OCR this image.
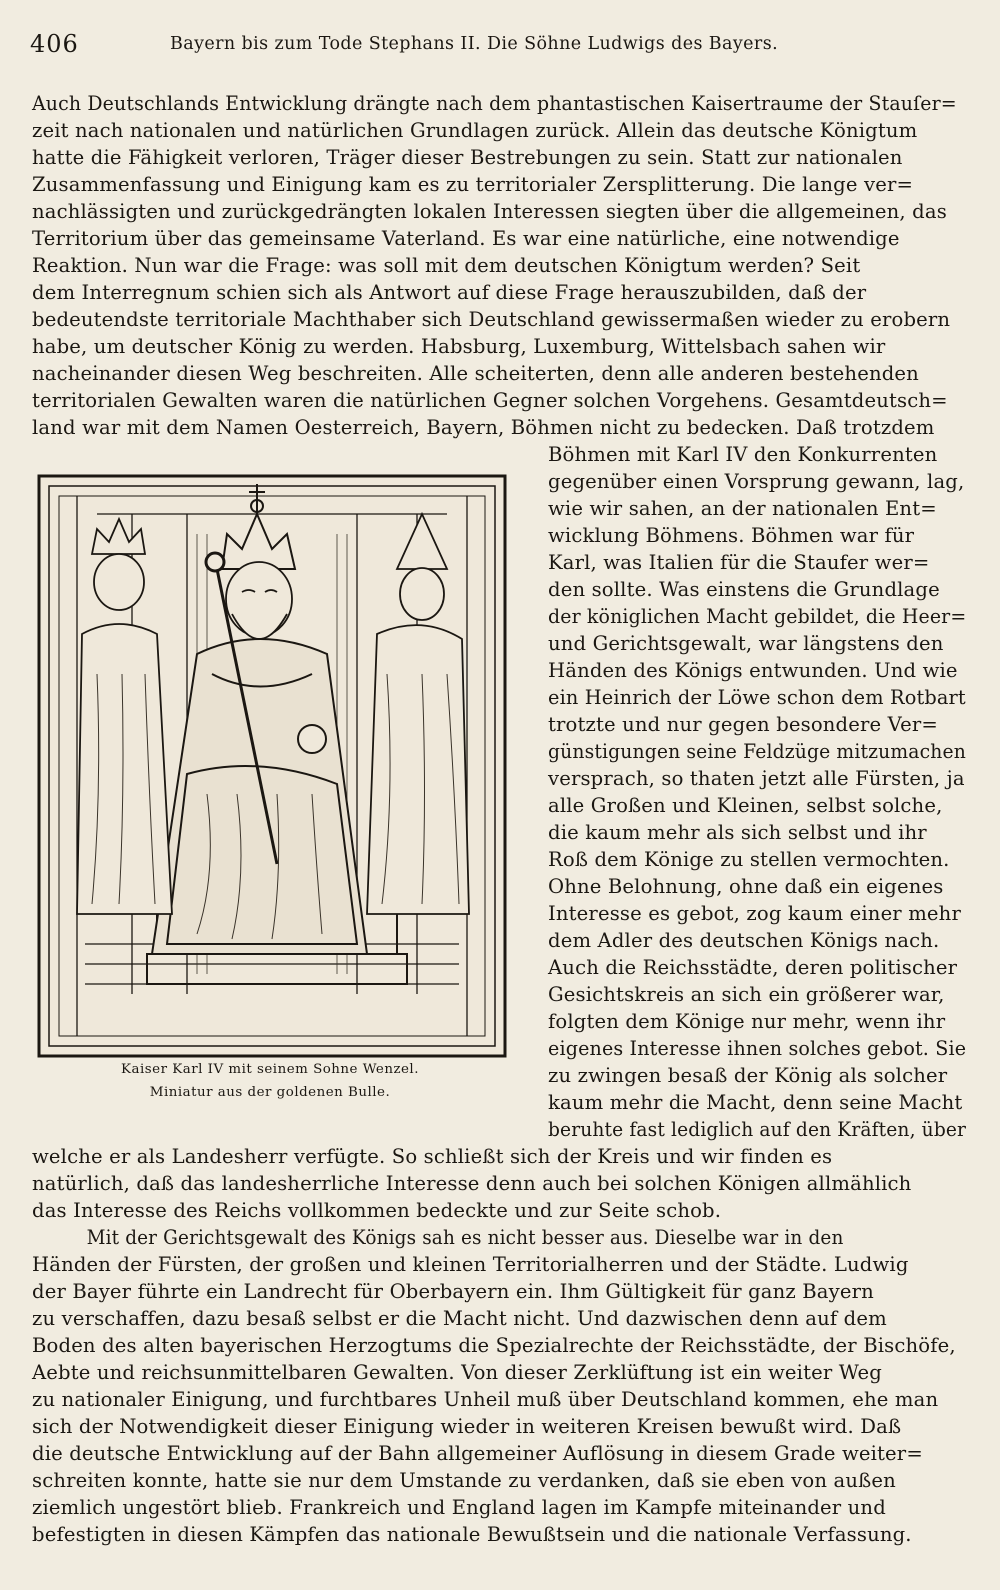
406	Bayern bis zum Tode Stephans II. Die Söhne Ludwigs des Bayers.
Auch Deutschlands Entwicklung drängte nach dem phantastischen Kaisertraume der Stauſer=
zeit nach nationalen und natürlichen Grundlagen zurück. Allein das deutsche Königtum
hatte die Fähigkeit verloren, Träger dieser Bestrebungen zu sein. Statt zur nationalen
Zusammenfassung und Einigung kam es zu territorialer Zersplitterung. Die lange ver=
nachlässigten und zurückgedrängten lokalen Interessen siegten über die allgemeinen, das
Territorium über das gemeinsame Vaterland. Es war eine natürliche, eine notwendige
Reaktion. Nun war die Frage: was soll mit dem deutschen Königtum werden? Seit
dem Interregnum schien sich als Antwort auf diese Frage herauszubilden, daß der
bedeutendste territoriale Machthaber sich Deutschland gewissermaßen wieder zu erobern
habe, um deutscher König zu werden. Habsburg, Luxemburg, Wittelsbach sahen wir
nacheinander diesen Weg beschreiten. Alle scheiterten, denn alle anderen bestehenden
territorialen Gewalten waren die natürlichen Gegner solchen Vorgehens. Gesamtdeutsch=
land war mit dem Namen Oesterreich, Bayern, Böhmen nicht zu bedecken. Daß trotzdem
Böhmen mit Karl IV den Konkurrenten
gegenüber einen Vorsprung gewann, lag,
wie wir sahen, an der nationalen Ent=
wicklung Böhmens. Böhmen war für
Karl, was Italien für die Staufer wer=
den sollte. Was einstens die Grundlage
der königlichen Macht gebildet, die Heer=
und Gerichtsgewalt, war längstens den
Händen des Königs entwunden. Und wie
ein Heinrich der Löwe schon dem Rotbart
trotzte und nur gegen besondere Ver=
günstigungen seine Feldzüge mitzumachen
versprach, so thaten jetzt alle Fürsten, ja
alle Großen und Kleinen, selbst solche,
die kaum mehr als sich selbst und ihr
Roß dem Könige zu stellen vermochten.
Ohne Belohnung, ohne daß ein eigenes
Interesse es gebot, zog kaum einer mehr
dem Adler des deutschen Königs nach.
Auch die Reichsstädte, deren politischer
Gesichtskreis an sich ein größerer war,
folgten dem Könige nur mehr, wenn ihr
eigenes Interesse ihnen solches gebot. Sie
zu zwingen besaß der König als solcher
kaum mehr die Macht, denn seine Macht
beruhte fast lediglich auf den Kräften, über
welche er als Landesherr verfügte. So schließt sich der Kreis und wir finden es
natürlich, daß das landesherrliche Interesse denn auch bei solchen Königen allmählich
das Interesse des Reichs vollkommen bedeckte und zur Seite schob.
Mit der Gerichtsgewalt des Königs sah es nicht besser aus. Dieselbe war in den
Händen der Fürsten, der großen und kleinen Territorialherren und der Städte. Ludwig
der Bayer führte ein Landrecht für Oberbayern ein. Ihm Gültigkeit für ganz Bayern
zu verschaffen, dazu besaß selbst er die Macht nicht. Und dazwischen denn auf dem
Boden des alten bayerischen Herzogtums die Spezialrechte der Reichsstädte, der Bischöfe,
Aebte und reichsunmittelbaren Gewalten. Von dieser Zerklüftung ist ein weiter Weg
zu nationaler Einigung, und furchtbares Unheil muß über Deutschland kommen, ehe man
sich der Notwendigkeit dieser Einigung wieder in weiteren Kreisen bewußt wird. Daß
die deutsche Entwicklung auf der Bahn allgemeiner Auflösung in diesem Grade weiter=
schreiten konnte, hatte sie nur dem Umstande zu verdanken, daß sie eben von außen
ziemlich ungestört blieb. Frankreich und England lagen im Kampfe miteinander und
befestigten in diesen Kämpfen das nationale Bewußtsein und die nationale Verfassung.
Kaiser Karl IV mit seinem Sohne Wenzel.
Miniatur aus der goldenen Bulle.
